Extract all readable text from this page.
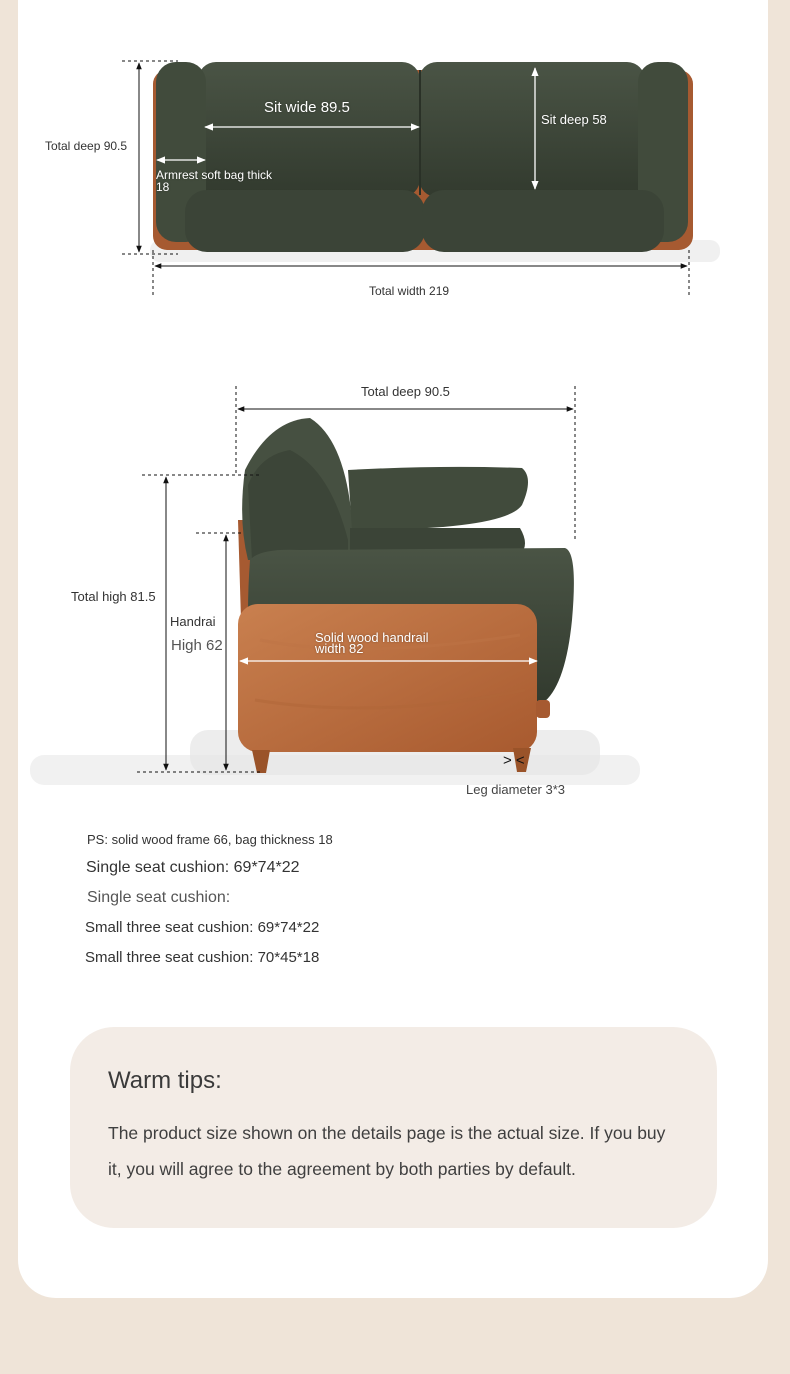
Total deep 90.5
Sit wide 89.5
Sit deep 58
Armrest soft bag thick
18
Total width 219
Total deep 90.5
Total high 81.5
Handrai
High 62	Solid wood handrail
width 82
> <
Leg diameter 3*3
PS: solid wood frame 66, bag thickness 18
Single seat cushion: 69*74*22
Single seat cushion:
Small three seat cushion: 69*74*22
Small three seat cushion: 70*45*18
Warm tips:
The product size shown on the details page is the actual size. If you buy it, you will agree to the agreement by both parties by default.
